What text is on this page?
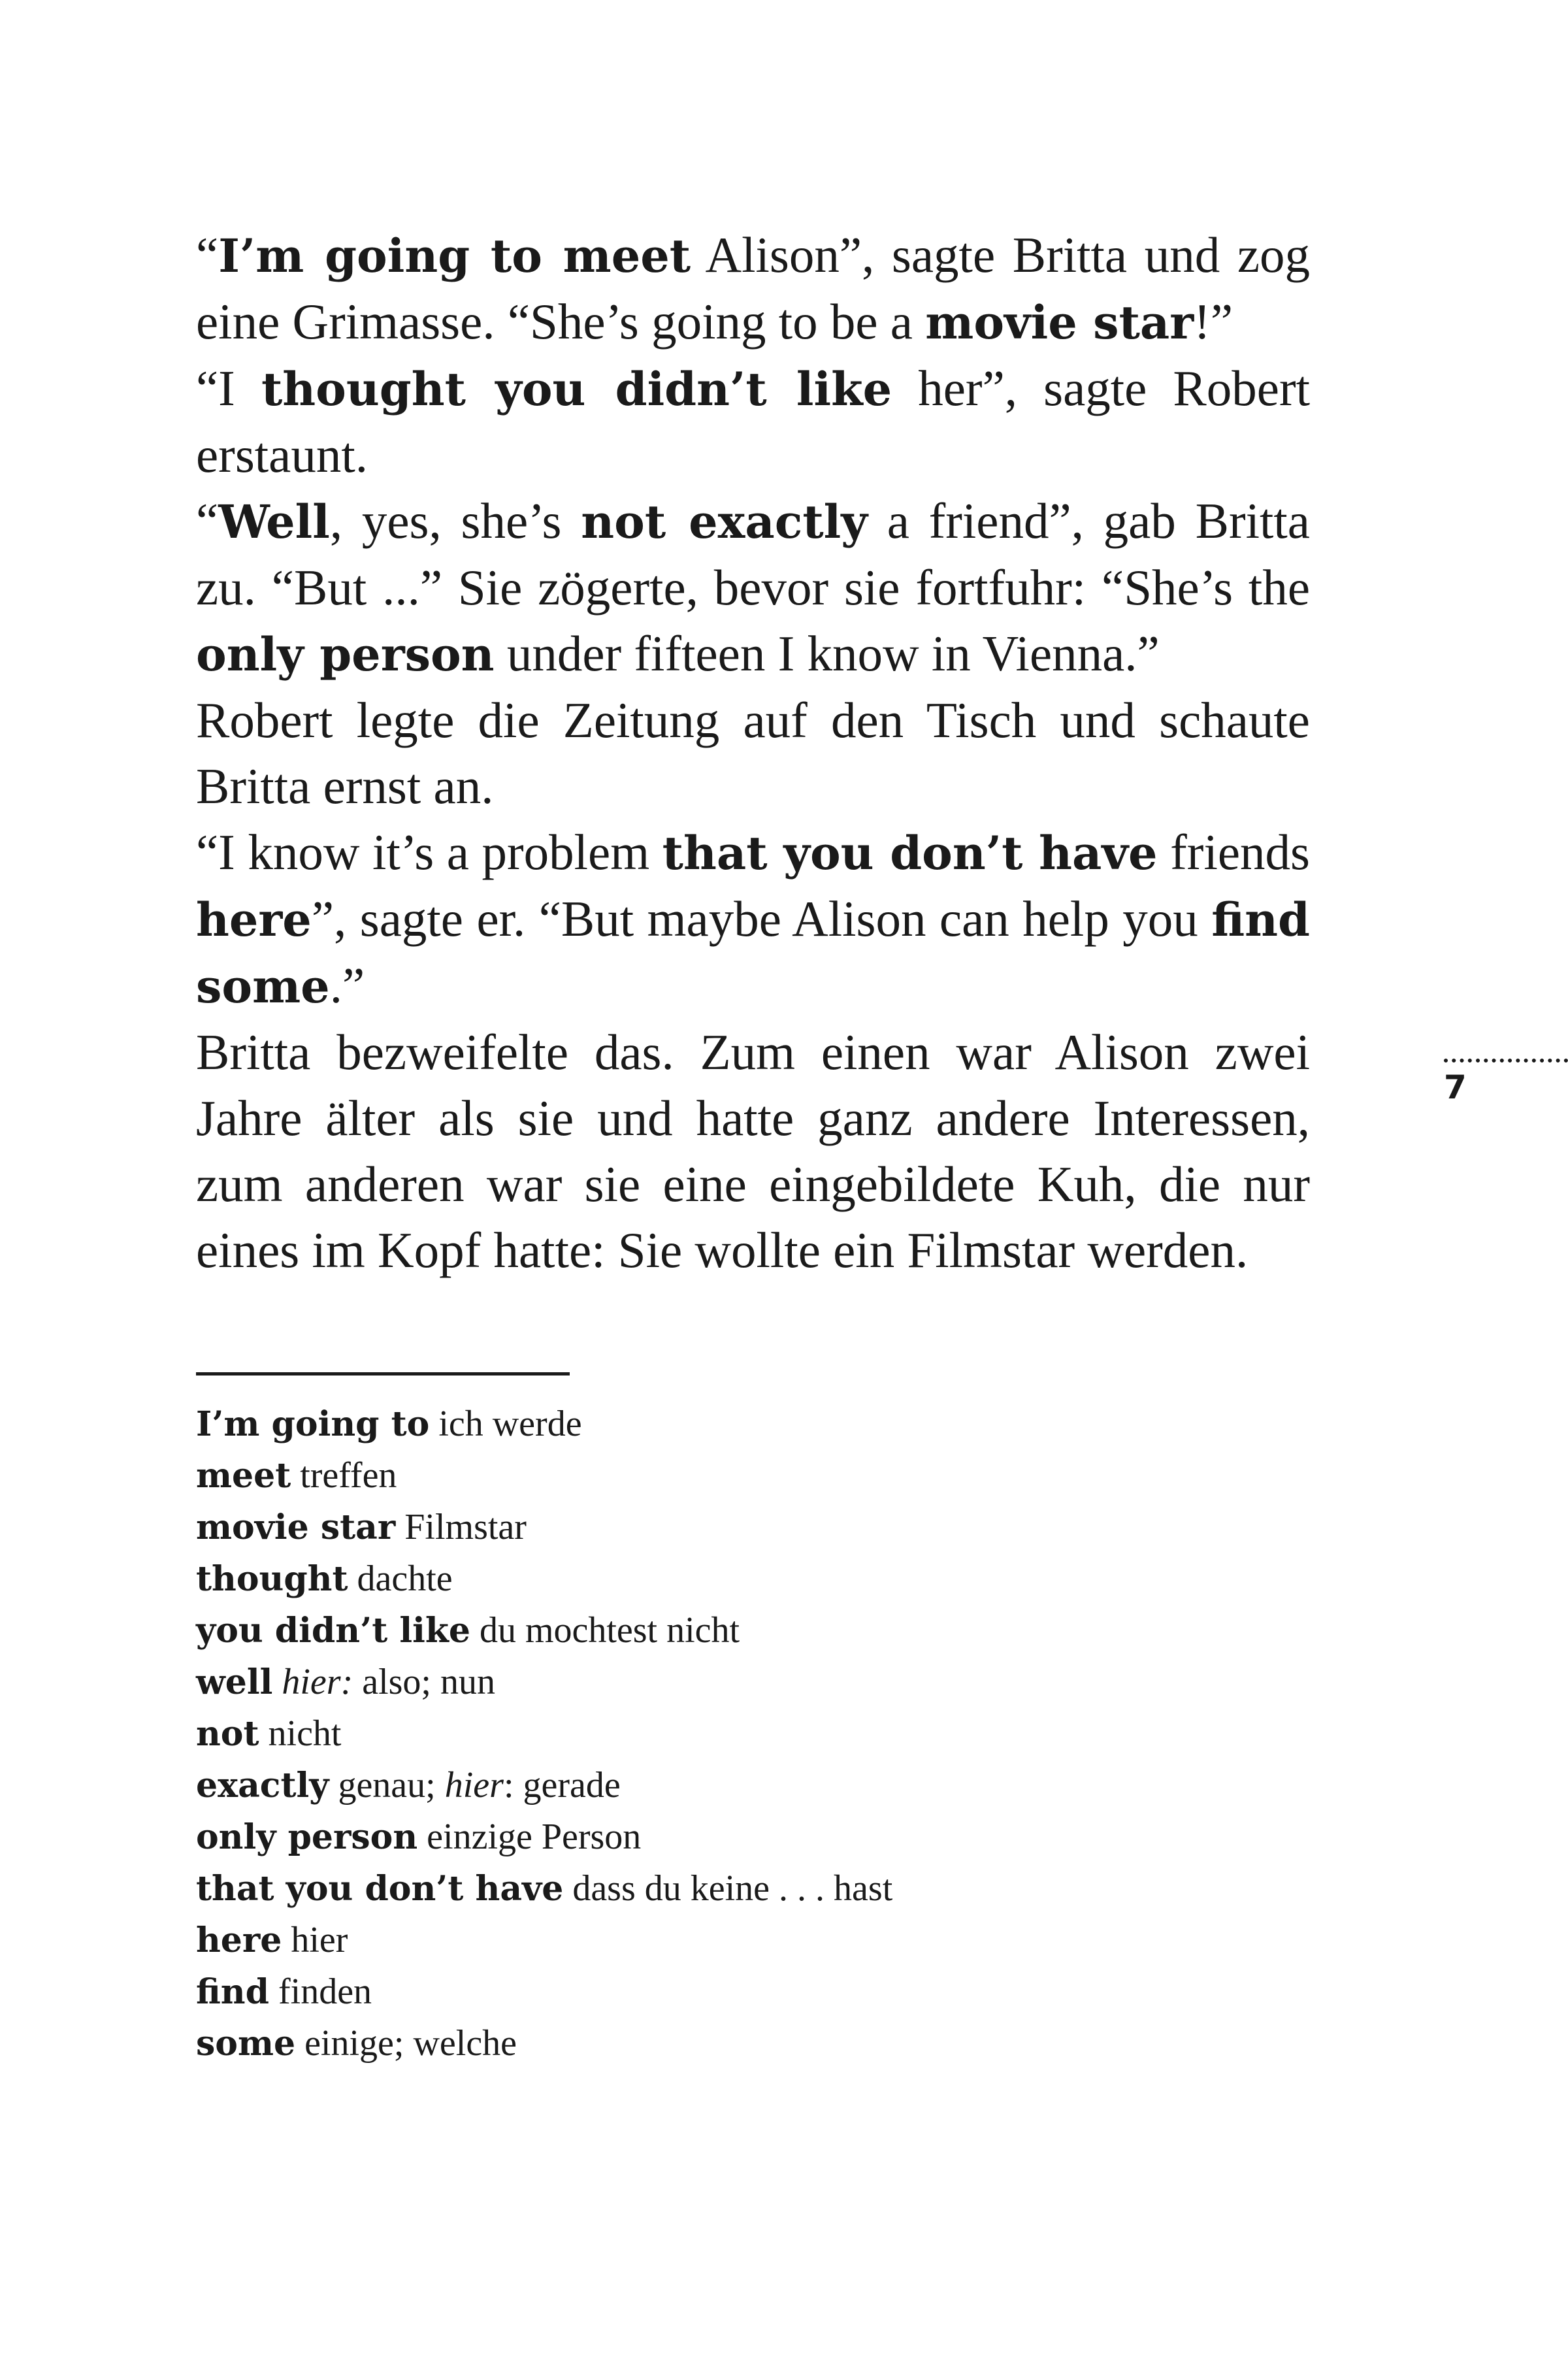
“I’m going to meet Alison”, sagte Britta und zog eine Grimasse. “She’s going to be a movie star!”

“I thought you didn’t like her”, sagte Robert erstaunt.

“Well, yes, she’s not exactly a friend”, gab Britta zu. “But ...” Sie zögerte, bevor sie fortfuhr: “She’s the only person under fifteen I know in Vienna.”

Robert legte die Zeitung auf den Tisch und schaute Britta ernst an.

“I know it’s a problem that you don’t have friends here”, sagte er. “But maybe Alison can help you find some.”

Britta bezweifelte das. Zum einen war Alison zwei Jahre älter als sie und hatte ganz andere Interessen, zum anderen war sie eine eingebildete Kuh, die nur eines im Kopf hatte: Sie wollte ein Filmstar werden.

I’m going to ich werde

meet treffen

movie star Filmstar

thought dachte

you didn’t like du mochtest nicht

well hier: also; nun

not nicht

exactly genau; hier: gerade

only person einzige Person

that you don’t have dass du keine . . . hast

here hier

find finden

some einige; welche

7
